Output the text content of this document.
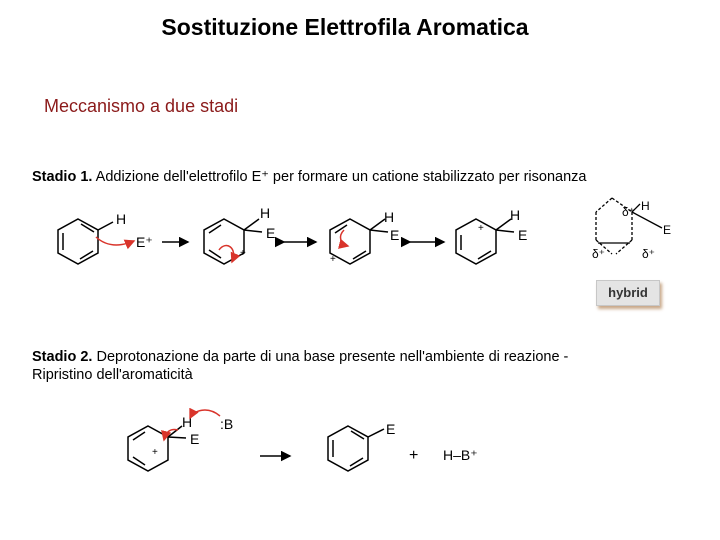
Sostituzione Elettrofila Aromatica
Meccanismo a due stadi
Stadio 1. Addizione dell'elettrofilo E⁺ per formare un catione stabilizzato per risonanza
H
E⁺
H
E
+
H
E
+
H
E
+
δ⁺ H
E
δ⁺	δ⁺
hybrid
Stadio 2. Deprotonazione da parte di una base presente nell'ambiente di reazione -
Ripristino dell'aromaticità
+
H
E
:B	E
+ H–B⁺
